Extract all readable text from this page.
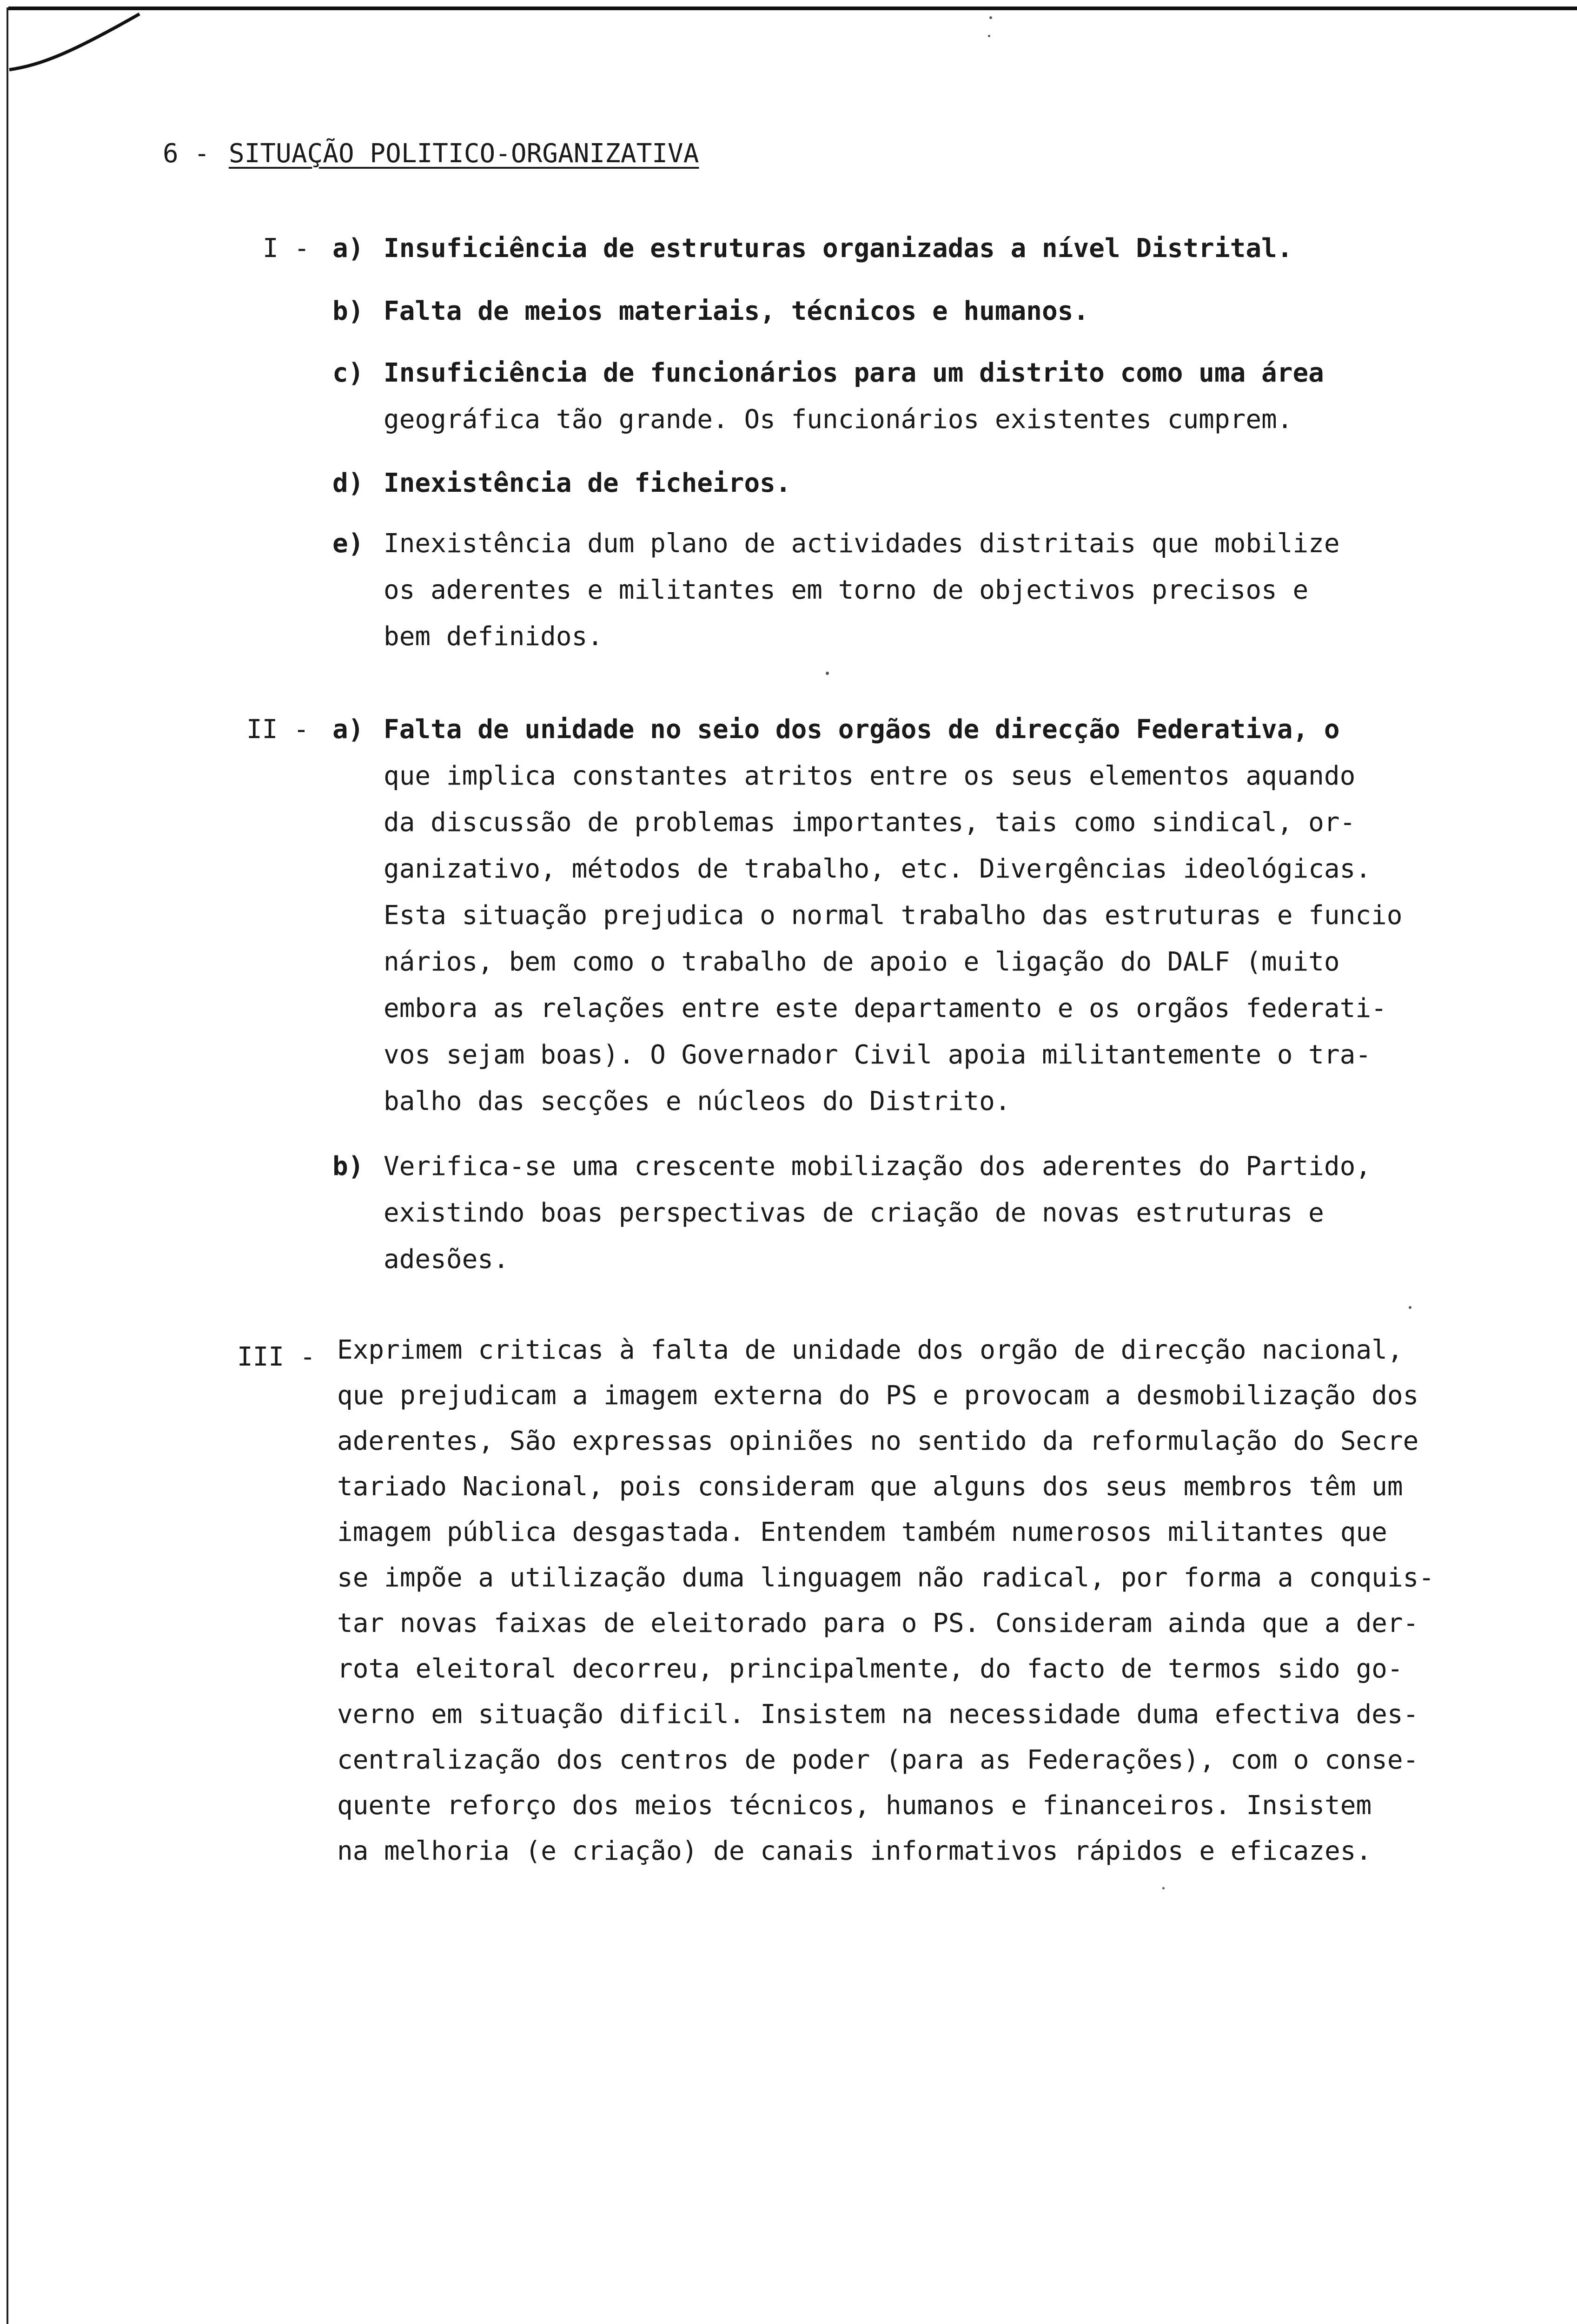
6 - SITUAÇÃO POLITICO-ORGANIZATIVA
I - a) Insuficiência de estruturas organizadas a nível Distrital.
b) Falta de meios materiais, técnicos e humanos.
c) Insuficiência de funcionários para um distrito como uma área
geográfica tão grande. Os funcionários existentes cumprem.
d) Inexistência de ficheiros.
e) Inexistência dum plano de actividades distritais que mobilize
os aderentes e militantes em torno de objectivos precisos e
bem definidos.
II - a) Falta de unidade no seio dos orgãos de direcção Federativa, o
que implica constantes atritos entre os seus elementos aquando
da discussão de problemas importantes, tais como sindical, or-
ganizativo, métodos de trabalho, etc. Divergências ideológicas.
Esta situação prejudica o normal trabalho das estruturas e funcio
nários, bem como o trabalho de apoio e ligação do DALF (muito
embora as relações entre este departamento e os orgãos federati-
vos sejam boas). O Governador Civil apoia militantemente o tra-
balho das secções e núcleos do Distrito.
b) Verifica-se uma crescente mobilização dos aderentes do Partido,
existindo boas perspectivas de criação de novas estruturas e
adesões.
III - Exprimem criticas à falta de unidade dos orgão de direcção nacional,
que prejudicam a imagem externa do PS e provocam a desmobilização dos
aderentes, São expressas opiniões no sentido da reformulação do Secre
tariado Nacional, pois consideram que alguns dos seus membros têm um
imagem pública desgastada. Entendem também numerosos militantes que
se impõe a utilização duma linguagem não radical, por forma a conquis-
tar novas faixas de eleitorado para o PS. Consideram ainda que a der-
rota eleitoral decorreu, principalmente, do facto de termos sido go-
verno em situação dificil. Insistem na necessidade duma efectiva des-
centralização dos centros de poder (para as Federações), com o conse-
quente reforço dos meios técnicos, humanos e financeiros. Insistem
na melhoria (e criação) de canais informativos rápidos e eficazes.
